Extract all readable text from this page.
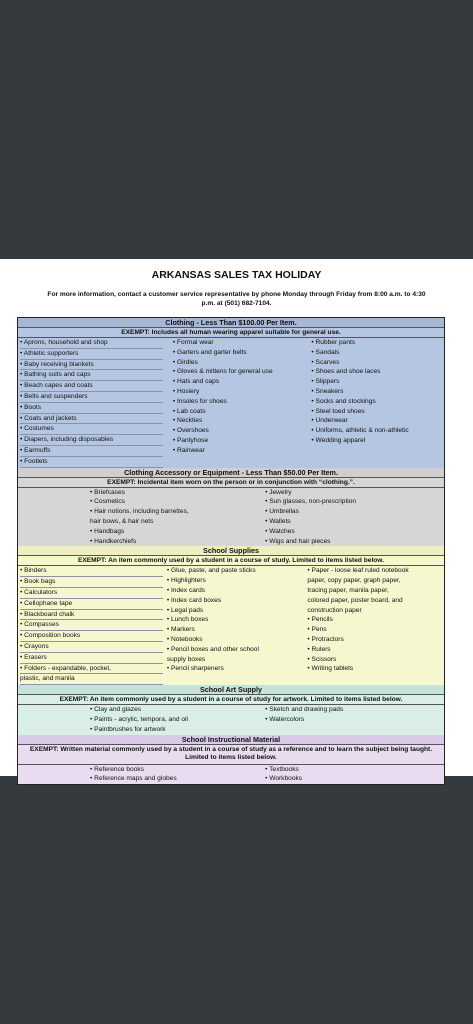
ARKANSAS SALES TAX HOLIDAY
For more information, contact a customer service representative by phone Monday through Friday from 8:00 a.m. to 4:30 p.m. at (501) 682-7104.
Clothing - Less Than $100.00 Per Item.
EXEMPT: Includes all human wearing apparel suitable for general use.
• Aprons, household and shop
• Athletic supporters
• Baby receiving blankets
• Bathing suits and caps
• Beach capes and coats
• Belts and suspenders
• Boots
• Coats and jackets
• Costumes
• Diapers, including disposables
• Earmuffs
• Footlets
• Formal wear
• Garters and garter belts
• Girdles
• Gloves & mittens for general use
• Hats and caps
• Hosiery
• Insoles for shoes
• Lab coats
• Neckties
• Overshoes
• Pantyhose
• Rainwear
• Rubber pants
• Sandals
• Scarves
• Shoes and shoe laces
• Slippers
• Sneakers
• Socks and stockings
• Steel toed shoes
• Underwear
• Uniforms, athletic & non-athletic
• Wedding apparel
Clothing Accessory or Equipment - Less Than $50.00 Per Item.
EXEMPT: Incidental item worn on the person or in conjunction with “clothing.”.
• Briefcases
• Cosmetics
• Hair notions, including barrettes,
hair bows, & hair nets
• Handbags
• Handkerchiefs
• Jewelry
• Sun glasses, non-prescription
• Umbrellas
• Wallets
• Watches
• Wigs and hair pieces
School Supplies
EXEMPT: An item commonly used by a student in a course of study. Limited to items listed below.
• Binders
• Book bags
• Calculators
• Cellophane tape
• Blackboard chalk
• Compasses
• Composition books
• Crayons
• Erasers
• Folders - expandable, pocket,
plastic, and manila
• Glue, paste, and paste sticks
• Highlighters
• Index cards
• Index card boxes
• Legal pads
• Lunch boxes
• Markers
• Notebooks
• Pencil boxes and other school
supply boxes
• Pencil sharpeners
• Paper - loose leaf ruled notebook
paper, copy paper, graph paper,
tracing paper, manila paper,
colored paper, poster board, and
construction paper
• Pencils
• Pens
• Protractors
• Rulers
• Scissors
• Writing tablets
School Art Supply
EXEMPT: An item commonly used by a student in a course of study for artwork. Limited to items listed below.
• Clay and glazes
• Paints - acrylic, tempora, and oil
• Paintbrushes for artwork
• Sketch and drawing pads
• Watercolors
School Instructional Material
EXEMPT: Written material commonly used by a student in a course of study as a reference and to learn the subject being taught. Limited to items listed below.
• Reference books
• Reference maps and globes
• Textbooks
• Workbooks
